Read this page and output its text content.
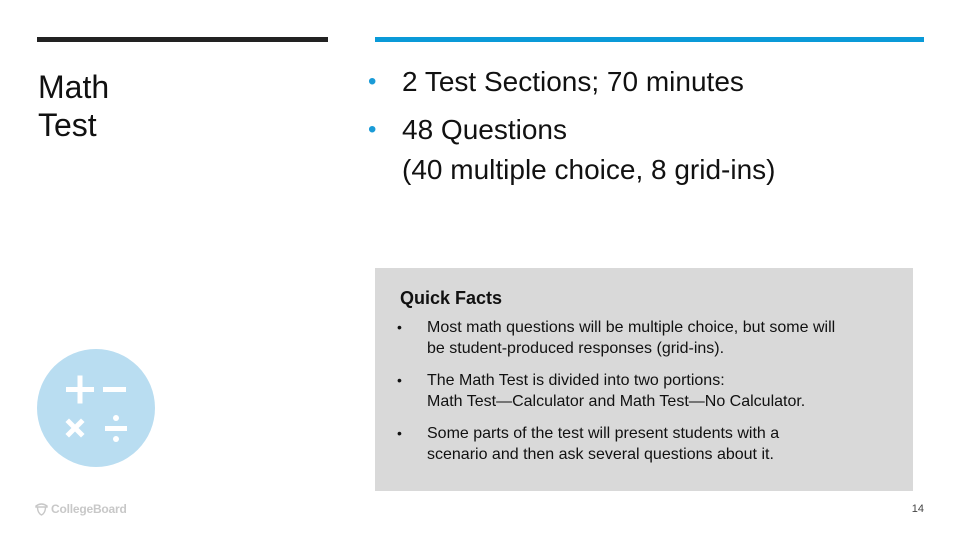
Math
Test
• 2 Test Sections; 70 minutes
• 48 Questions
(40 multiple choice, 8 grid-ins)
Quick Facts
•	Most math questions will be multiple choice, but some will
be student-produced responses (grid-ins).
•	The Math Test is divided into two portions:
Math Test—Calculator and Math Test—No Calculator.
•	Some parts of the test will present students with a
scenario and then ask several questions about it.
CollegeBoard	14
